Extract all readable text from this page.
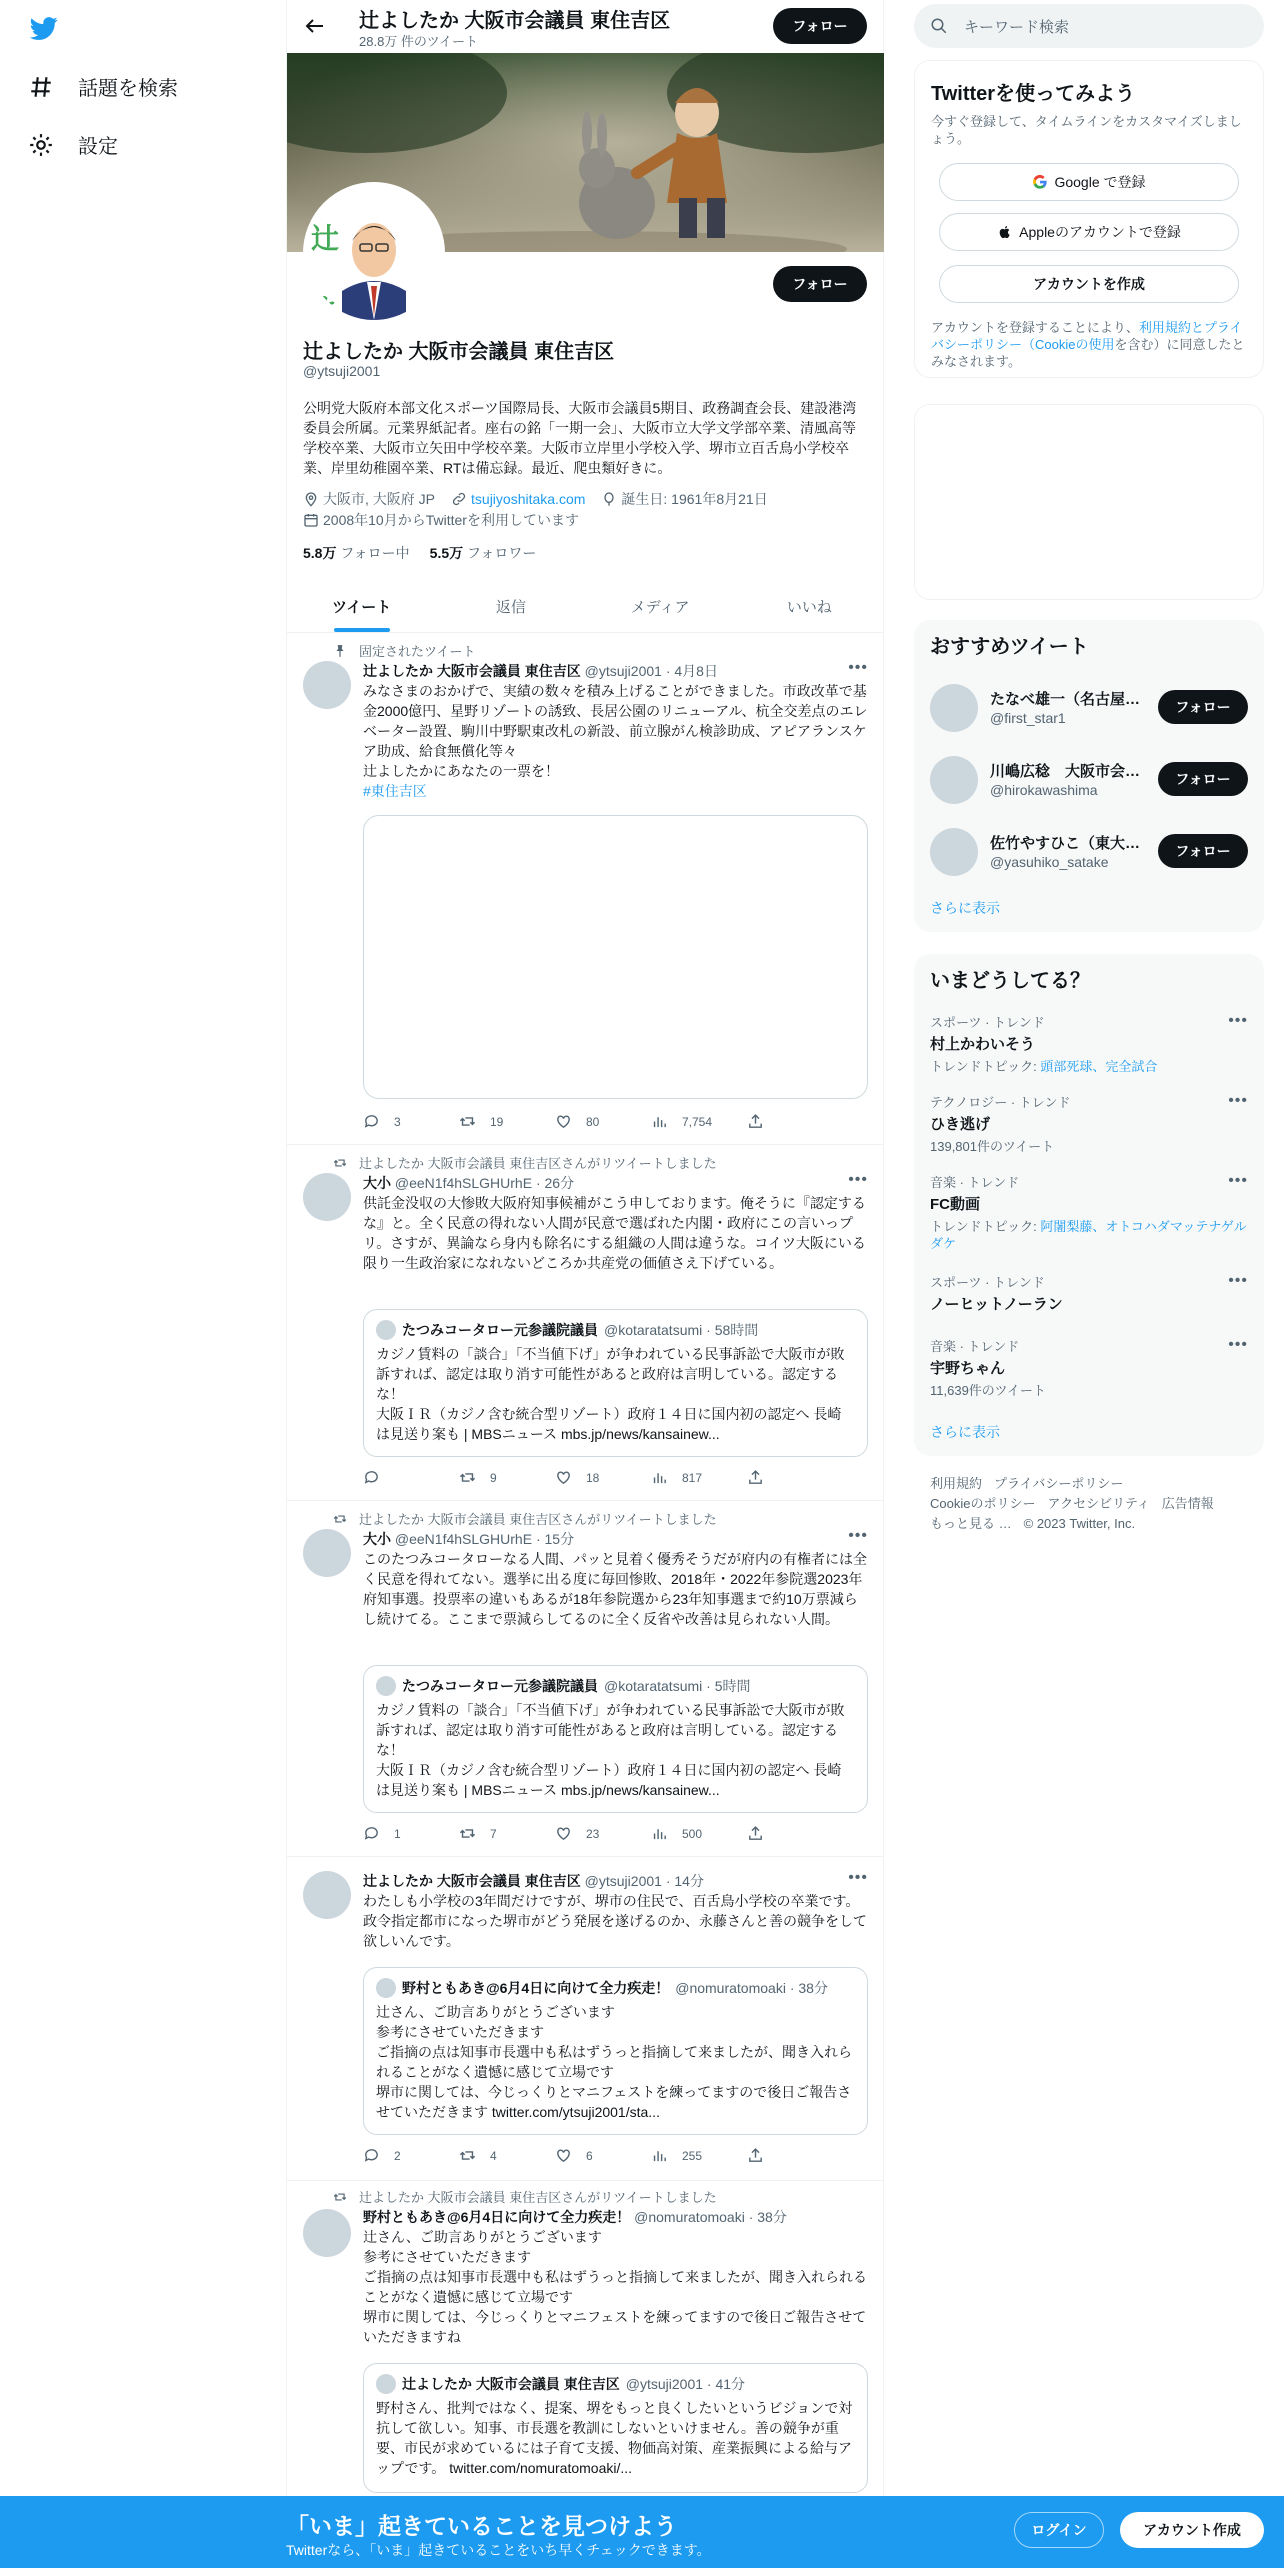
話題を検索
設定
辻よしたか 大阪市会議員 東住吉区
28.8万 件のツイート
フォロー
辻 よ
フォロー
辻よしたか 大阪市会議員 東住吉区
@ytsuji2001
公明党大阪府本部文化スポーツ国際局長、大阪市会議員5期目、政務調査会長、建設港湾委員会所属。元業界紙記者。座右の銘「一期一会」、大阪市立大学文学部卒業、清風高等学校卒業、大阪市立矢田中学校卒業。大阪市立岸里小学校入学、堺市立百舌鳥小学校卒業、岸里幼稚園卒業、RTは備忘録。最近、爬虫類好きに。
大阪市, 大阪府 JP	tsujiyoshitaka.com	誕生日: 1961年8月21日
2008年10月からTwitterを利用しています
5.8万 フォロー中 5.5万 フォロワー
ツイート	返信	メディア	いいね
固定されたツイート
辻よしたか 大阪市会議員 東住吉区 @ytsuji2001 · 4月8日	•••
みなさまのおかげで、実績の数々を積み上げることができました。市政改革で基金2000億円、星野リゾートの誘致、長居公園のリニューアル、杭全交差点のエレベーター設置、駒川中野駅東改札の新設、前立腺がん検診助成、アピアランスケア助成、給食無償化等々
辻よしたかにあなたの一票を！
#東住吉区
3	19	80	7,754
辻よしたか 大阪市会議員 東住吉区さんがリツイートしました
大小 @eeN1f4hSLGHUrhE · 26分	•••
供託金没収の大惨敗大阪府知事候補がこう申しております。俺そうに『認定するな』と。全く民意の得れない人間が民意で選ばれた内閣・政府にこの言いっプリ。さすが、異論なら身内も除名にする組織の人間は違うな。コイツ大阪にいる限り一生政治家になれないどころか共産党の価値さえ下げている。
たつみコータロー元参議院議員 @kotaratatsumi · 58時間
カジノ賃料の「談合」「不当値下げ」が争われている民事訴訟で大阪市が敗訴すれば、認定は取り消す可能性があると政府は言明している。認定するな！
大阪ＩＲ（カジノ含む統合型リゾート）政府１４日に国内初の認定へ 長崎は見送り案も | MBSニュース mbs.jp/news/kansainew...
9	18	817
辻よしたか 大阪市会議員 東住吉区さんがリツイートしました
大小 @eeN1f4hSLGHUrhE · 15分	•••
このたつみコータローなる人間、パッと見着く優秀そうだが府内の有権者には全く民意を得れてない。選挙に出る度に毎回惨敗、2018年・2022年参院選2023年府知事選。投票率の違いもあるが18年参院選から23年知事選まで約10万票減らし続けてる。ここまで票減らしてるのに全く反省や改善は見られない人間。
たつみコータロー元参議院議員 @kotaratatsumi · 5時間
カジノ賃料の「談合」「不当値下げ」が争われている民事訴訟で大阪市が敗訴すれば、認定は取り消す可能性があると政府は言明している。認定するな！
大阪ＩＲ（カジノ含む統合型リゾート）政府１４日に国内初の認定へ 長崎は見送り案も | MBSニュース mbs.jp/news/kansainew...
1	7	23	500
辻よしたか 大阪市会議員 東住吉区 @ytsuji2001 · 14分	•••
わたしも小学校の3年間だけですが、堺市の住民で、百舌鳥小学校の卒業です。政令指定都市になった堺市がどう発展を遂げるのか、永藤さんと善の競争をして欲しいんです。
野村ともあき@6月4日に向けて全力疾走！ @nomuratomoaki · 38分
辻さん、ご助言ありがとうございます
参考にさせていただきます
ご指摘の点は知事市長選中も私はずうっと指摘して来ましたが、聞き入れられることがなく遺憾に感じて立場です
堺市に関しては、今じっくりとマニフェストを練ってますので後日ご報告させていただきます twitter.com/ytsuji2001/sta...
2	4	6	255
辻よしたか 大阪市会議員 東住吉区さんがリツイートしました
野村ともあき@6月4日に向けて全力疾走！ @nomuratomoaki · 38分
辻さん、ご助言ありがとうございます
参考にさせていただきます
ご指摘の点は知事市長選中も私はずうっと指摘して来ましたが、聞き入れられることがなく遺憾に感じて立場です
堺市に関しては、今じっくりとマニフェストを練ってますので後日ご報告させていただきますね
辻よしたか 大阪市会議員 東住吉区 @ytsuji2001 · 41分
野村さん、批判ではなく、提案、堺をもっと良くしたいというビジョンで対抗して欲しい。知事、市長選を教訓にしないといけません。善の競争が重要、市民が求めているには子育て支援、物価高対策、産業振興による給与アップです。 twitter.com/nomuratomoaki/...
キーワード検索
Twitterを使ってみよう
今すぐ登録して、タイムラインをカスタマイズしましょう。
Google で登録
Appleのアカウントで登録
アカウントを作成
アカウントを登録することにより、利用規約とプライバシーポリシー（Cookieの使用を含む）に同意したとみなされます。
おすすめツイート
たなべ雄一（名古屋…
@first_star1
フォロー
川嶋広稔　大阪市会…
@hirokawashima
フォロー
佐竹やすひこ（東大…
@yasuhiko_satake
フォロー
さらに表示
いまどうしてる？
スポーツ · トレンド
村上かわいそう
トレンドトピック: 頭部死球、完全試合
•••
テクノロジー · トレンド
ひき逃げ
139,801件のツイート
•••
音楽 · トレンド
FC動画
トレンドトピック: 阿闍梨藤、オトコハダマッテナゲルダケ
•••
スポーツ · トレンド
ノーヒットノーラン
•••
音楽 · トレンド
宇野ちゃん
11,639件のツイート
•••
さらに表示
利用規約 プライバシーポリシー
Cookieのポリシー アクセシビリティ 広告情報
もっと見る … © 2023 Twitter, Inc.
「いま」起きていることを見つけよう
Twitterなら、「いま」起きていることをいち早くチェックできます。
ログイン	アカウント作成
